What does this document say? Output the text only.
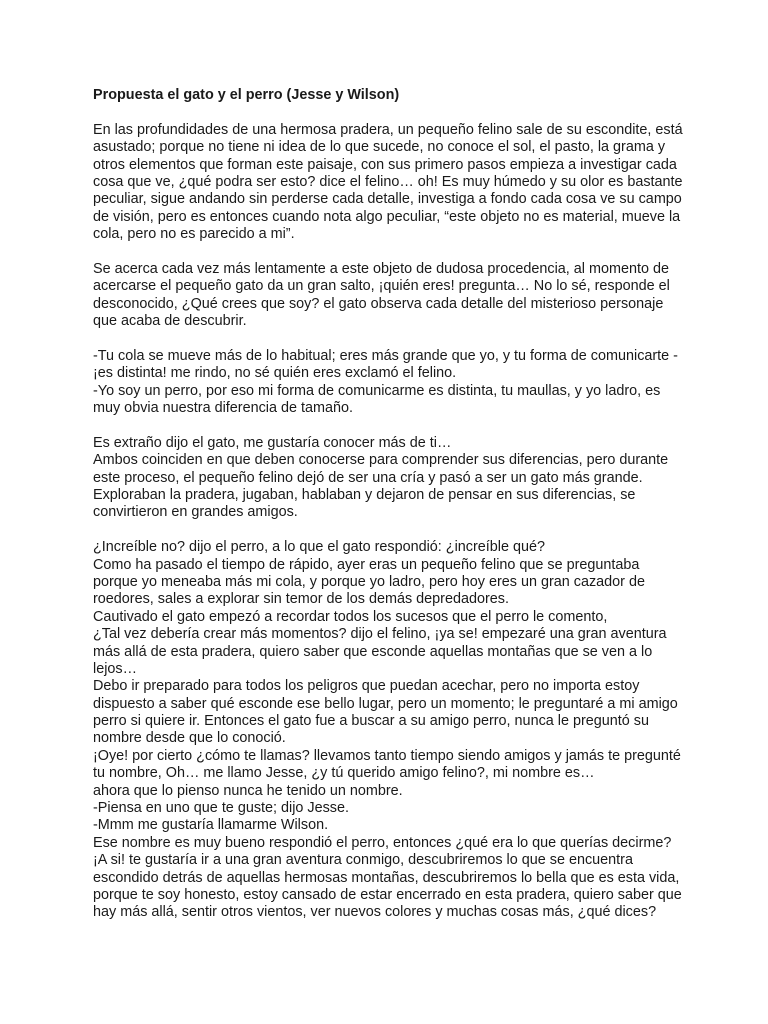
Propuesta el gato y el perro (Jesse y Wilson)
En las profundidades de una hermosa pradera, un pequeño felino sale de su escondite, está
asustado; porque no tiene ni idea de lo que sucede, no conoce el sol, el pasto, la grama y
otros elementos que forman este paisaje, con sus primero pasos empieza a investigar cada
cosa que ve, ¿qué podra ser esto? dice el felino… oh! Es muy húmedo y su olor es bastante
peculiar, sigue andando sin perderse cada detalle, investiga a fondo cada cosa ve su campo
de visión, pero es entonces cuando nota algo peculiar, “este objeto no es material, mueve la
cola, pero no es parecido a mi”.
Se acerca cada vez más lentamente a este objeto de dudosa procedencia, al momento de
acercarse el pequeño gato da un gran salto, ¡quién eres! pregunta… No lo sé, responde el
desconocido, ¿Qué crees que soy? el gato observa cada detalle del misterioso personaje
que acaba de descubrir.
-Tu cola se mueve más de lo habitual; eres más grande que yo, y tu forma de comunicarte -
¡es distinta! me rindo, no sé quién eres exclamó el felino.
-Yo soy un perro, por eso mi forma de comunicarme es distinta, tu maullas, y yo ladro, es
muy obvia nuestra diferencia de tamaño.
Es extraño dijo el gato, me gustaría conocer más de ti…
Ambos coinciden en que deben conocerse para comprender sus diferencias, pero durante
este proceso, el pequeño felino dejó de ser una cría y pasó a ser un gato más grande.
Exploraban la pradera, jugaban, hablaban y dejaron de pensar en sus diferencias, se
convirtieron en grandes amigos.
¿Increíble no? dijo el perro, a lo que el gato respondió: ¿increíble qué?
Como ha pasado el tiempo de rápido, ayer eras un pequeño felino que se preguntaba
porque yo meneaba más mi cola, y porque yo ladro, pero hoy eres un gran cazador de
roedores, sales a explorar sin temor de los demás depredadores.
Cautivado el gato empezó a recordar todos los sucesos que el perro le comento,
¿Tal vez debería crear más momentos? dijo el felino, ¡ya se! empezaré una gran aventura
más allá de esta pradera, quiero saber que esconde aquellas montañas que se ven a lo
lejos…
Debo ir preparado para todos los peligros que puedan acechar, pero no importa estoy
dispuesto a saber qué esconde ese bello lugar, pero un momento; le preguntaré a mi amigo
perro si quiere ir. Entonces el gato fue a buscar a su amigo perro, nunca le preguntó su
nombre desde que lo conoció.
¡Oye! por cierto ¿cómo te llamas? llevamos tanto tiempo siendo amigos y jamás te pregunté
tu nombre, Oh… me llamo Jesse, ¿y tú querido amigo felino?, mi nombre es…
ahora que lo pienso nunca he tenido un nombre.
-Piensa en uno que te guste; dijo Jesse.
-Mmm me gustaría llamarme Wilson.
Ese nombre es muy bueno respondió el perro, entonces ¿qué era lo que querías decirme?
¡A si! te gustaría ir a una gran aventura conmigo, descubriremos lo que se encuentra
escondido detrás de aquellas hermosas montañas, descubriremos lo bella que es esta vida,
porque te soy honesto, estoy cansado de estar encerrado en esta pradera, quiero saber que
hay más allá, sentir otros vientos, ver nuevos colores y muchas cosas más, ¿qué dices?
